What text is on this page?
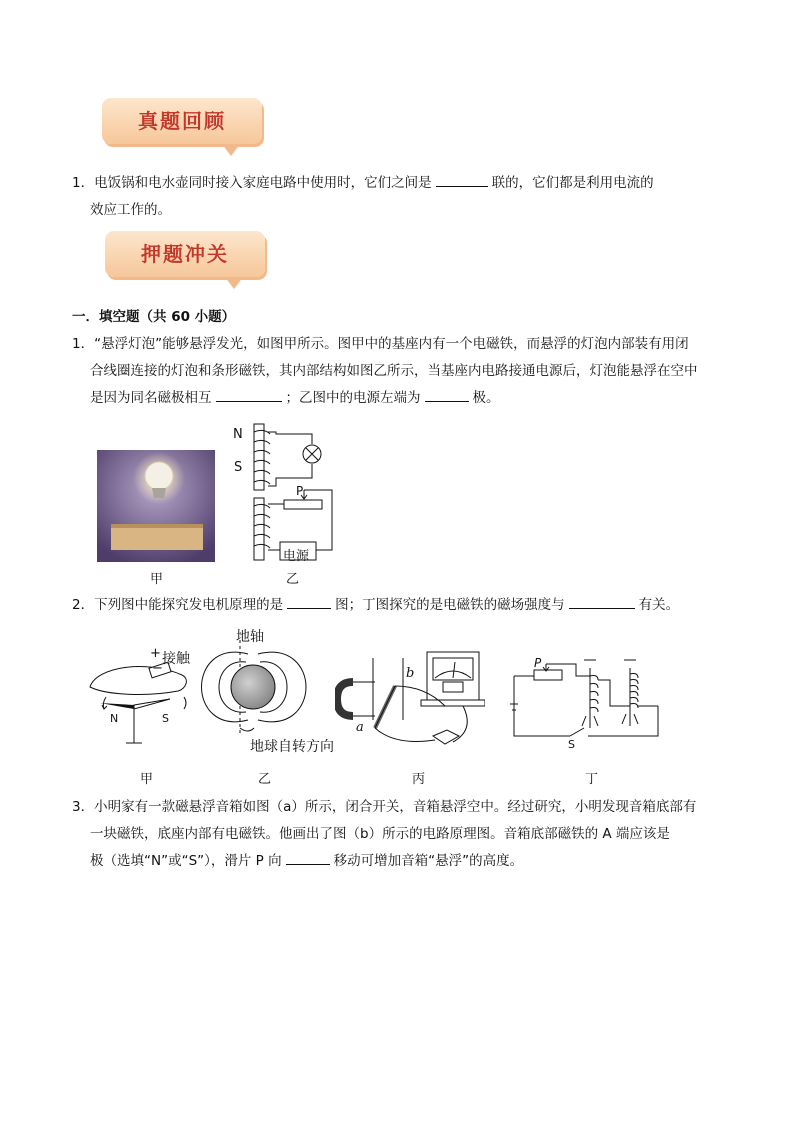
真题回顾
1．电饭锅和电水壶同时接入家庭电路中使用时，它们之间是	联的，它们都是利用电流的
效应工作的。
押题冲关
一．填空题（共 60 小题）
1．“悬浮灯泡”能够悬浮发光，如图甲所示。图甲中的基座内有一个电磁铁，而悬浮的灯泡内部装有用闭
合线圈连接的灯泡和条形磁铁，其内部结构如图乙所示，当基座内电路接通电源后，灯泡能悬浮在空中
是因为同名磁极相互	；乙图中的电源左端为	极。
N
S
P
电源
甲	乙
2．下列图中能探究发电机原理的是	图；丁图探究的是电磁铁的磁场强度与	有关。
+ 接触
−
N	S
地轴
地球自转方向
a
b
P
S
甲	乙	丙	丁
3．小明家有一款磁悬浮音箱如图（a）所示，闭合开关，音箱悬浮空中。经过研究，小明发现音箱底部有
一块磁铁，底座内部有电磁铁。他画出了图（b）所示的电路原理图。音箱底部磁铁的 A 端应该是
极（选填“N”或“S”），滑片 P 向	移动可增加音箱“悬浮”的高度。
